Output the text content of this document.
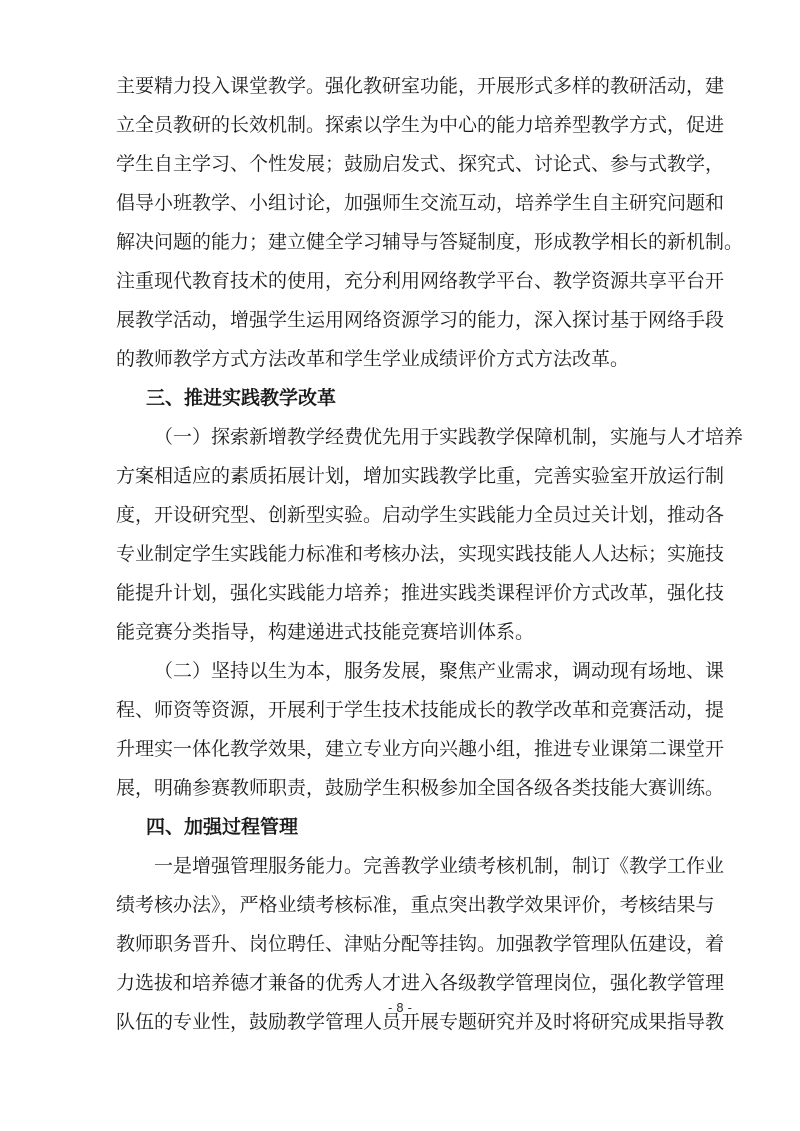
主要精力投入课堂教学。强化教研室功能，开展形式多样的教研活动，建
立全员教研的长效机制。探索以学生为中心的能力培养型教学方式，促进
学生自主学习、个性发展；鼓励启发式、探究式、讨论式、参与式教学，
倡导小班教学、小组讨论，加强师生交流互动，培养学生自主研究问题和
解决问题的能力；建立健全学习辅导与答疑制度，形成教学相长的新机制。
注重现代教育技术的使用，充分利用网络教学平台、教学资源共享平台开
展教学活动，增强学生运用网络资源学习的能力，深入探讨基于网络手段
的教师教学方式方法改革和学生学业成绩评价方式方法改革。
三、推进实践教学改革
（一）探索新增教学经费优先用于实践教学保障机制，实施与人才培养
方案相适应的素质拓展计划，增加实践教学比重，完善实验室开放运行制
度，开设研究型、创新型实验。启动学生实践能力全员过关计划，推动各
专业制定学生实践能力标准和考核办法，实现实践技能人人达标；实施技
能提升计划，强化实践能力培养；推进实践类课程评价方式改革，强化技
能竞赛分类指导，构建递进式技能竞赛培训体系。
（二）坚持以生为本，服务发展，聚焦产业需求，调动现有场地、课
程、师资等资源，开展利于学生技术技能成长的教学改革和竞赛活动，提
升理实一体化教学效果，建立专业方向兴趣小组，推进专业课第二课堂开
展，明确参赛教师职责，鼓励学生积极参加全国各级各类技能大赛训练。
四、加强过程管理
一是增强管理服务能力。完善教学业绩考核机制，制订《教学工作业
绩考核办法》，严格业绩考核标准，重点突出教学效果评价，考核结果与
教师职务晋升、岗位聘任、津贴分配等挂钩。加强教学管理队伍建设，着
力选拔和培养德才兼备的优秀人才进入各级教学管理岗位，强化教学管理
队伍的专业性，鼓励教学管理人员开展专题研究并及时将研究成果指导教
- 8 -
